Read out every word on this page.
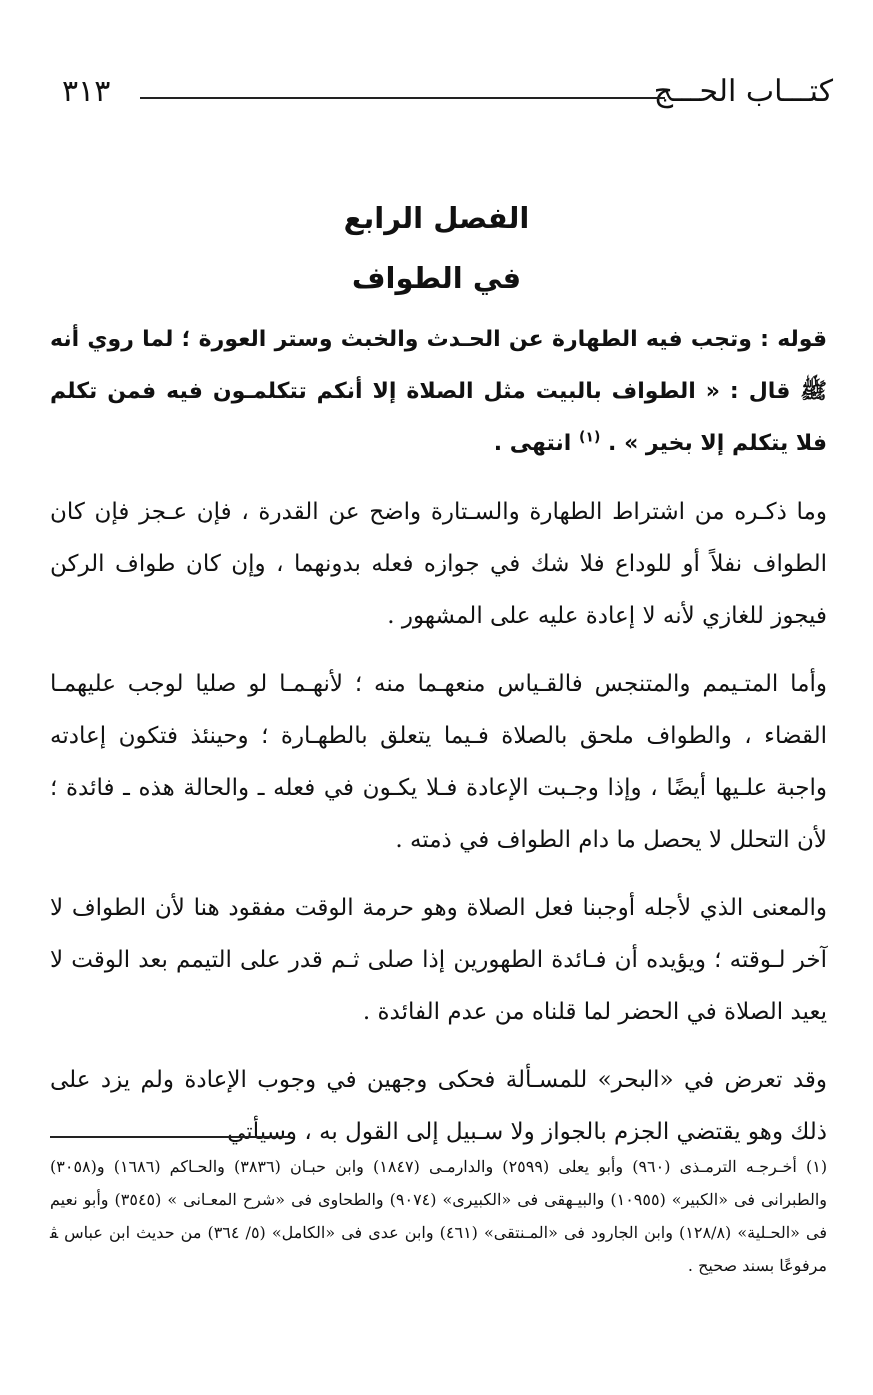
كتـــاب الحـــج
٣١٣
الفصل الرابع
في الطواف

قوله : وتجب فيه الطهارة عن الحـدث والخبث وستر العورة ؛ لما روي أنه ﷺ قال : « الطواف بالبيت مثل الصلاة إلا أنكم تتكلمـون فيه فمن تكلم فلا يتكلم إلا بخير » . $^{(١)}$ انتهى .

وما ذكـره من اشتراط الطهارة والسـتارة واضح عن القدرة ، فإن عـجز فإن كان الطواف نفلاً أو للوداع فلا شك في جوازه فعله بدونهما ، وإن كان طواف الركن فيجوز للغازي لأنه لا إعادة عليه على المشهور .

وأما المتـيمم والمتنجس فالقـياس منعهـما منه ؛ لأنهـمـا لو صليا لوجب عليهمـا القضاء ، والطواف ملحق بالصلاة فـيما يتعلق بالطهـارة ؛ وحينئذ فتكون إعادته واجبة علـيها أيضًا ، وإذا وجـبت الإعادة فـلا يكـون في فعله ـ والحالة هذه ـ فائدة ؛ لأن التحلل لا يحصل ما دام الطواف في ذمته .

والمعنى الذي لأجله أوجبنا فعل الصلاة وهو حرمة الوقت مفقود هنا لأن الطواف لا آخر لـوقته ؛ ويؤيده أن فـائدة الطهورين إذا صلى ثـم قدر على التيمم بعد الوقت لا يعيد الصلاة في الحضر لما قلناه من عدم الفائدة .

وقد تعرض في «البحر» للمسـألة فحكى وجهين في وجوب الإعادة ولم يزد على ذلك وهو يقتضي الجزم بالجواز ولا سـبيل إلى القول به ، وسيأتي

(١) أخـرجـه الترمـذى (٩٦٠) وأبو يعلى (٢٥٩٩) والدارمـى (١٨٤٧) وابن حبـان (٣٨٣٦) والحـاكم (١٦٨٦) و(٣٠٥٨) والطبرانى فى «الكبير» (١٠٩٥٥) والبيـهقى فى «الكبيرى» (٩٠٧٤) والطحاوى فى «شرح المعـانى » (٣٥٤٥) وأبو نعيم فى «الحـلية» (١٢٨/٨) وابن الجارود فى «المـنتقى» (٤٦١) وابن عدى فى «الكامل» (٥/ ٣٦٤) من حديث ابن عباس ﭭ مرفوعًا بسند صحيح .
